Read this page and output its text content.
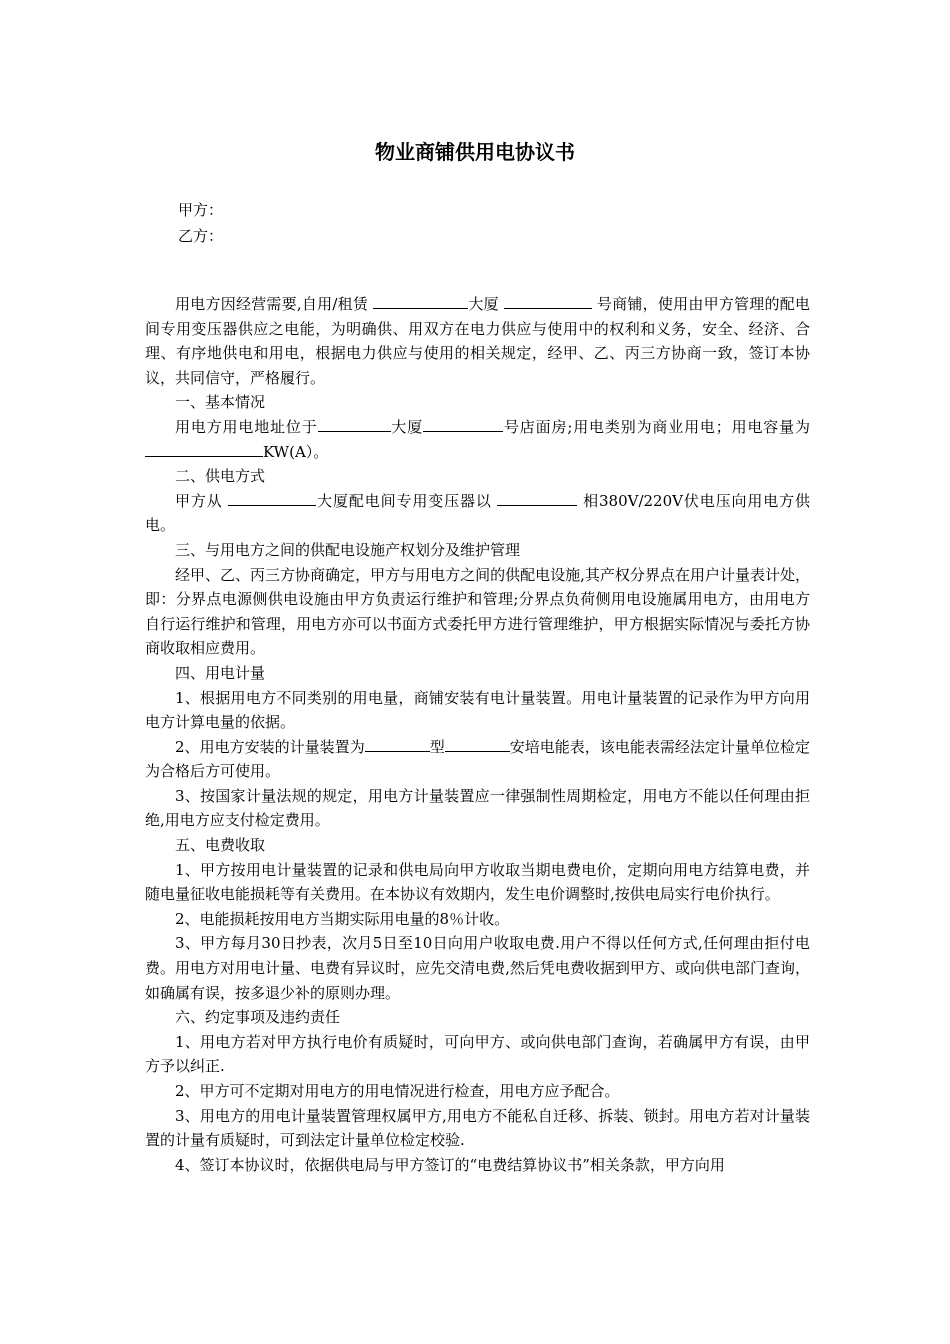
物业商铺供用电协议书
甲方：
乙方：

用电方因经营需要,自用/租赁	大厦	号商铺，使用由甲方管理的配电间专用变压器供应之电能，为明确供、用双方在电力供应与使用中的权利和义务，安全、经济、合理、有序地供电和用电，根据电力供应与使用的相关规定，经甲、乙、丙三方协商一致，签订本协议，共同信守，严格履行。

一、基本情况

用电方用电地址位于	大厦	号店面房;用电类别为商业用电；用电容量为KW(A）。

二、供电方式

甲方从	大厦配电间专用变压器以	相380V/220V伏电压向用电方供电。

三、与用电方之间的供配电设施产权划分及维护管理

经甲、乙、丙三方协商确定，甲方与用电方之间的供配电设施,其产权分界点在用户计量表计处，即：分界点电源侧供电设施由甲方负责运行维护和管理;分界点负荷侧用电设施属用电方，由用电方自行运行维护和管理，用电方亦可以书面方式委托甲方进行管理维护，甲方根据实际情况与委托方协商收取相应费用。

四、用电计量

1、根据用电方不同类别的用电量，商铺安装有电计量装置。用电计量装置的记录作为甲方向用电方计算电量的依据。

2、用电方安装的计量装置为	型	安培电能表，该电能表需经法定计量单位检定为合格后方可使用。

3、按国家计量法规的规定，用电方计量装置应一律强制性周期检定，用电方不能以任何理由拒绝,用电方应支付检定费用。

五、电费收取

1、甲方按用电计量装置的记录和供电局向甲方收取当期电费电价，定期向用电方结算电费，并随电量征收电能损耗等有关费用。在本协议有效期内，发生电价调整时,按供电局实行电价执行。

2、电能损耗按用电方当期实际用电量的8％计收。

3、甲方每月30日抄表，次月5日至10日向用户收取电费.用户不得以任何方式,任何理由拒付电费。用电方对用电计量、电费有异议时，应先交清电费,然后凭电费收据到甲方、或向供电部门查询，如确属有误，按多退少补的原则办理。

六、约定事项及违约责任

1、用电方若对甲方执行电价有质疑时，可向甲方、或向供电部门查询，若确属甲方有误，由甲方予以纠正.

2、甲方可不定期对用电方的用电情况进行检查，用电方应予配合。

3、用电方的用电计量装置管理权属甲方,用电方不能私自迁移、拆装、锁封。用电方若对计量装置的计量有质疑时，可到法定计量单位检定校验.

4、签订本协议时，依据供电局与甲方签订的“电费结算协议书”相关条款，甲方向用
